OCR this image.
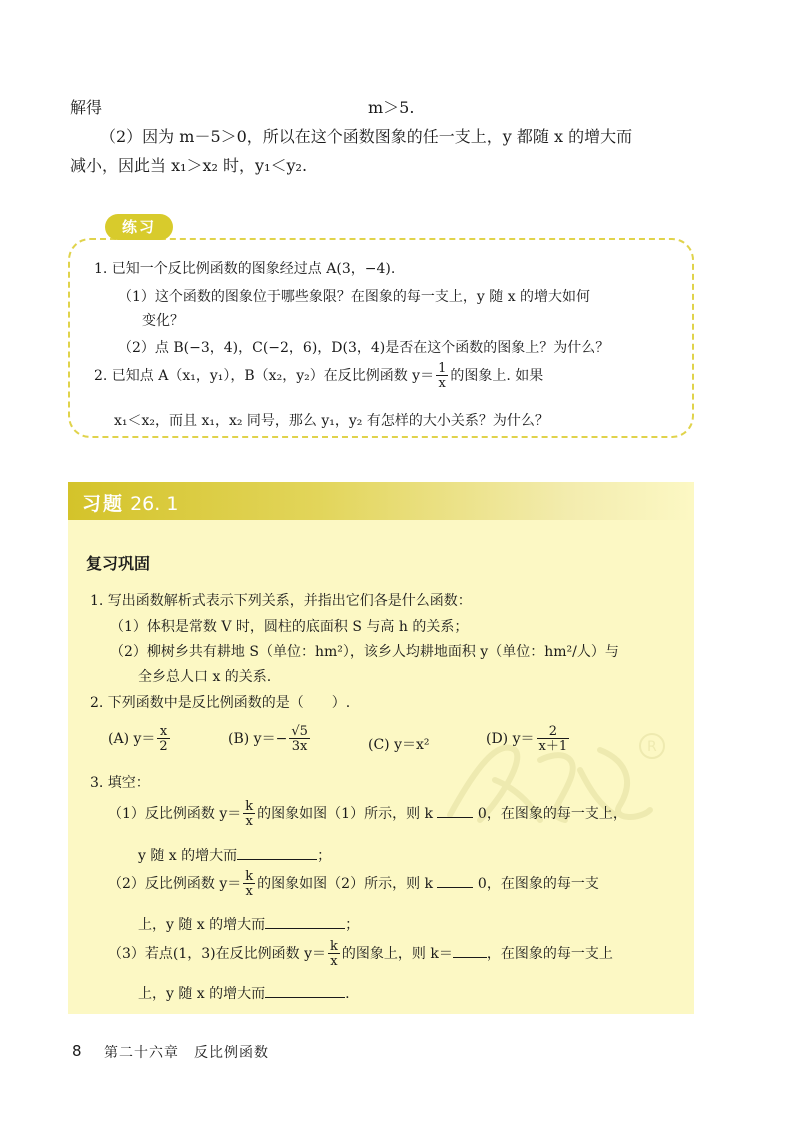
解得	m＞5.
（2）因为 m－5＞0，所以在这个函数图象的任一支上，y 都随 x 的增大而
减小，因此当 x₁＞x₂ 时，y₁＜y₂.
练习
1. 已知一个反比例函数的图象经过点 A(3，−4).
（1）这个函数的图象位于哪些象限？在图象的每一支上，y 随 x 的增大如何
变化？
（2）点 B(−3，4)，C(−2，6)，D(3，4)是否在这个函数的图象上？为什么？
2. 已知点 A（x₁，y₁），B（x₂，y₂）在反比例函数 $y= \frac{1}{x}$ 的图象上. 如果
x₁＜x₂，而且 x₁，x₂ 同号，那么 y₁，y₂ 有怎样的大小关系？为什么？
习题 26. 1
R
复习巩固
1. 写出函数解析式表示下列关系，并指出它们各是什么函数：
（1）体积是常数 V 时，圆柱的底面积 S 与高 h 的关系；
（2）柳树乡共有耕地 S（单位：hm²），该乡人均耕地面积 y（单位：hm²/人）与
全乡总人口 x 的关系.
2. 下列函数中是反比例函数的是（　　）.
(A) $y= \frac{x}{2}$	(B) $y=- \frac{√5}{3x}$	(C) y＝x²	(D) $y= \frac{2}{x+1}$
3. 填空：
（1）反比例函数 $y= \frac{k}{x}$ 的图象如图（1）所示，则 k	0，在图象的每一支上，
y 随 x 的增大而	；
（2）反比例函数 $y= \frac{k}{x}$ 的图象如图（2）所示，则 k	0，在图象的每一支
上，y 随 x 的增大而	；
（3）若点(1，3)在反比例函数 $y= \frac{k}{x}$ 的图象上，则 k＝ ，在图象的每一支上
上，y 随 x 的增大而	.
8 第二十六章　反比例函数
